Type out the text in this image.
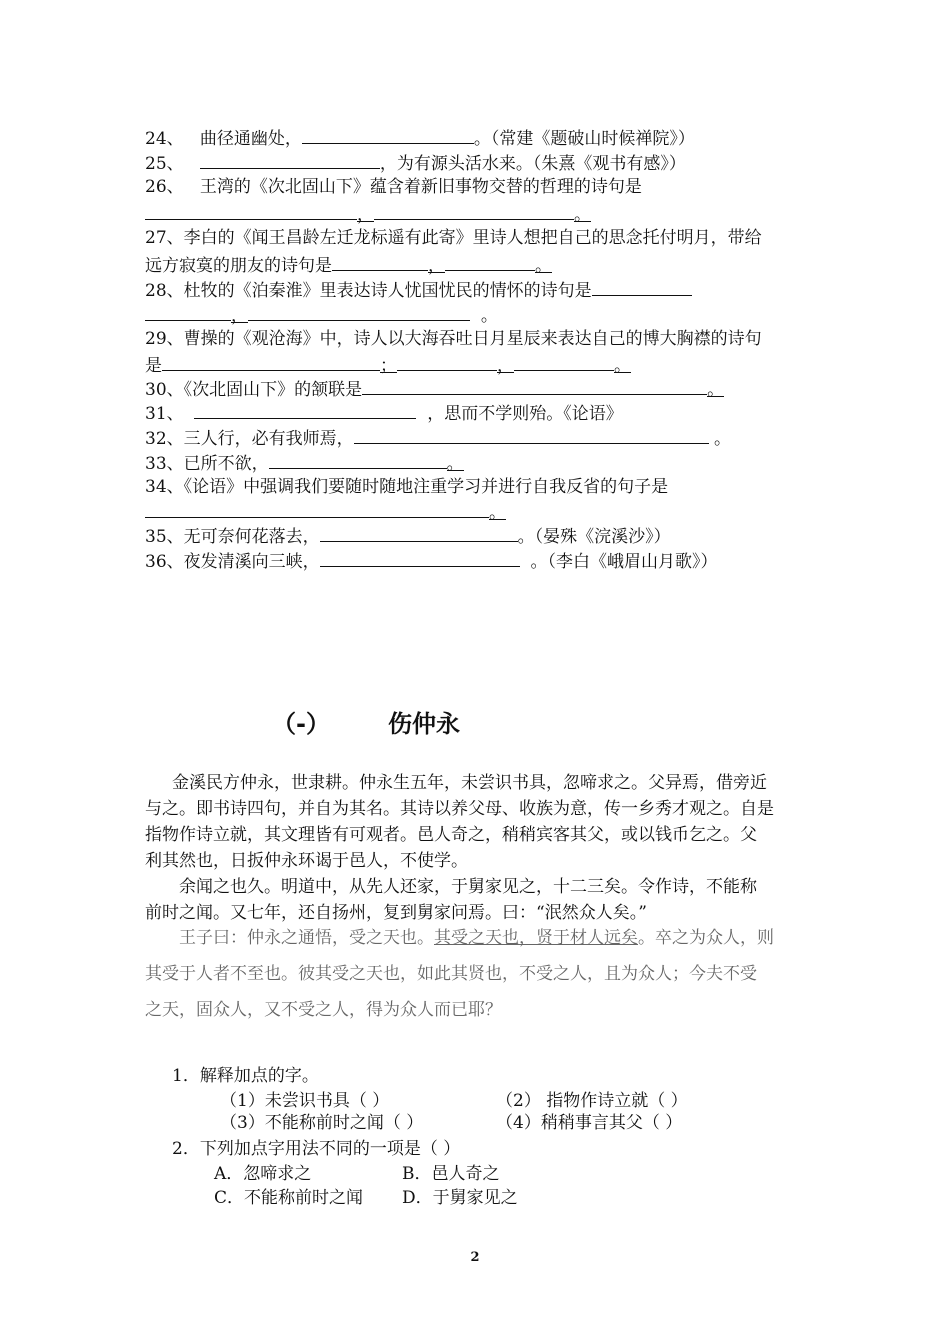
24、 曲径通幽处，	。（常建《题破山时候禅院》）
25、	，为有源头活水来。（朱熹《观书有感》）
26、 王湾的《次北固山下》蕴含着新旧事物交替的哲理的诗句是
，	。
27、李白的《闻王昌龄左迁龙标遥有此寄》里诗人想把自己的思念托付明月，带给
远方寂寞的朋友的诗句是	，	。
28、杜牧的《泊秦淮》里表达诗人忧国忧民的情怀的诗句是
，	。
29、曹操的《观沧海》中，诗人以大海吞吐日月星辰来表达自己的博大胸襟的诗句
是	；	，	。
30、《次北固山下》的颔联是	。
31、	，思而不学则殆。《论语》
32、三人行，必有我师焉，	。
33、已所不欲，	。
34、《论语》中强调我们要随时随地注重学习并进行自我反省的句子是
。
35、无可奈何花落去，	。（晏殊《浣溪沙》）
36、夜发清溪向三峡，	。（李白《峨眉山月歌》）
（-） 伤仲永
金溪民方仲永，世隶耕。仲永生五年，未尝识书具，忽啼求之。父异焉，借旁近
与之。即书诗四句，并自为其名。其诗以养父母、收族为意，传一乡秀才观之。自是
指物作诗立就，其文理皆有可观者。邑人奇之，稍稍宾客其父，或以钱币乞之。父
利其然也，日扳仲永环谒于邑人，不使学。
余闻之也久。明道中，从先人还家，于舅家见之，十二三矣。令作诗，不能称
前时之闻。又七年，还自扬州，复到舅家问焉。曰：“泯然众人矣。”
王子曰：仲永之通悟，受之天也。其受之天也，贤于材人远矣。卒之为众人，则
其受于人者不至也。彼其受之天也，如此其贤也，不受之人，且为众人；今夫不受
之天，固众人，又不受之人，得为众人而已耶？
1．解释加点的字。
（1）未尝识书具（ ）	（2） 指物作诗立就（ ）
（3）不能称前时之闻（ ）	（4）稍稍事言其父（ ）
2．下列加点字用法不同的一项是（ ）
A．忽啼求之	B．邑人奇之
C．不能称前时之闻 D．于舅家见之
2
